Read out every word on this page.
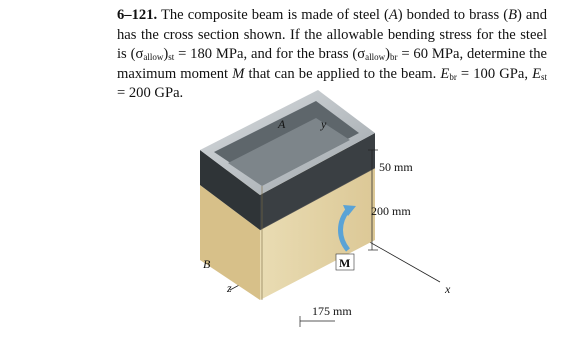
6–121. The composite beam is made of steel (A) bonded to brass (B) and has the cross section shown. If the allowable bending stress for the steel is $(\sigma_{allow})_{st} = 180$ MPa, and for the brass $(\sigma_{allow})_{br} = 60$ MPa, determine the maximum moment M that can be applied to the beam. $E_{br} = 100$ GPa, $E_{st} = 200$ GPa.

M
A	y
B
z	x
50 mm
200 mm
175 mm
